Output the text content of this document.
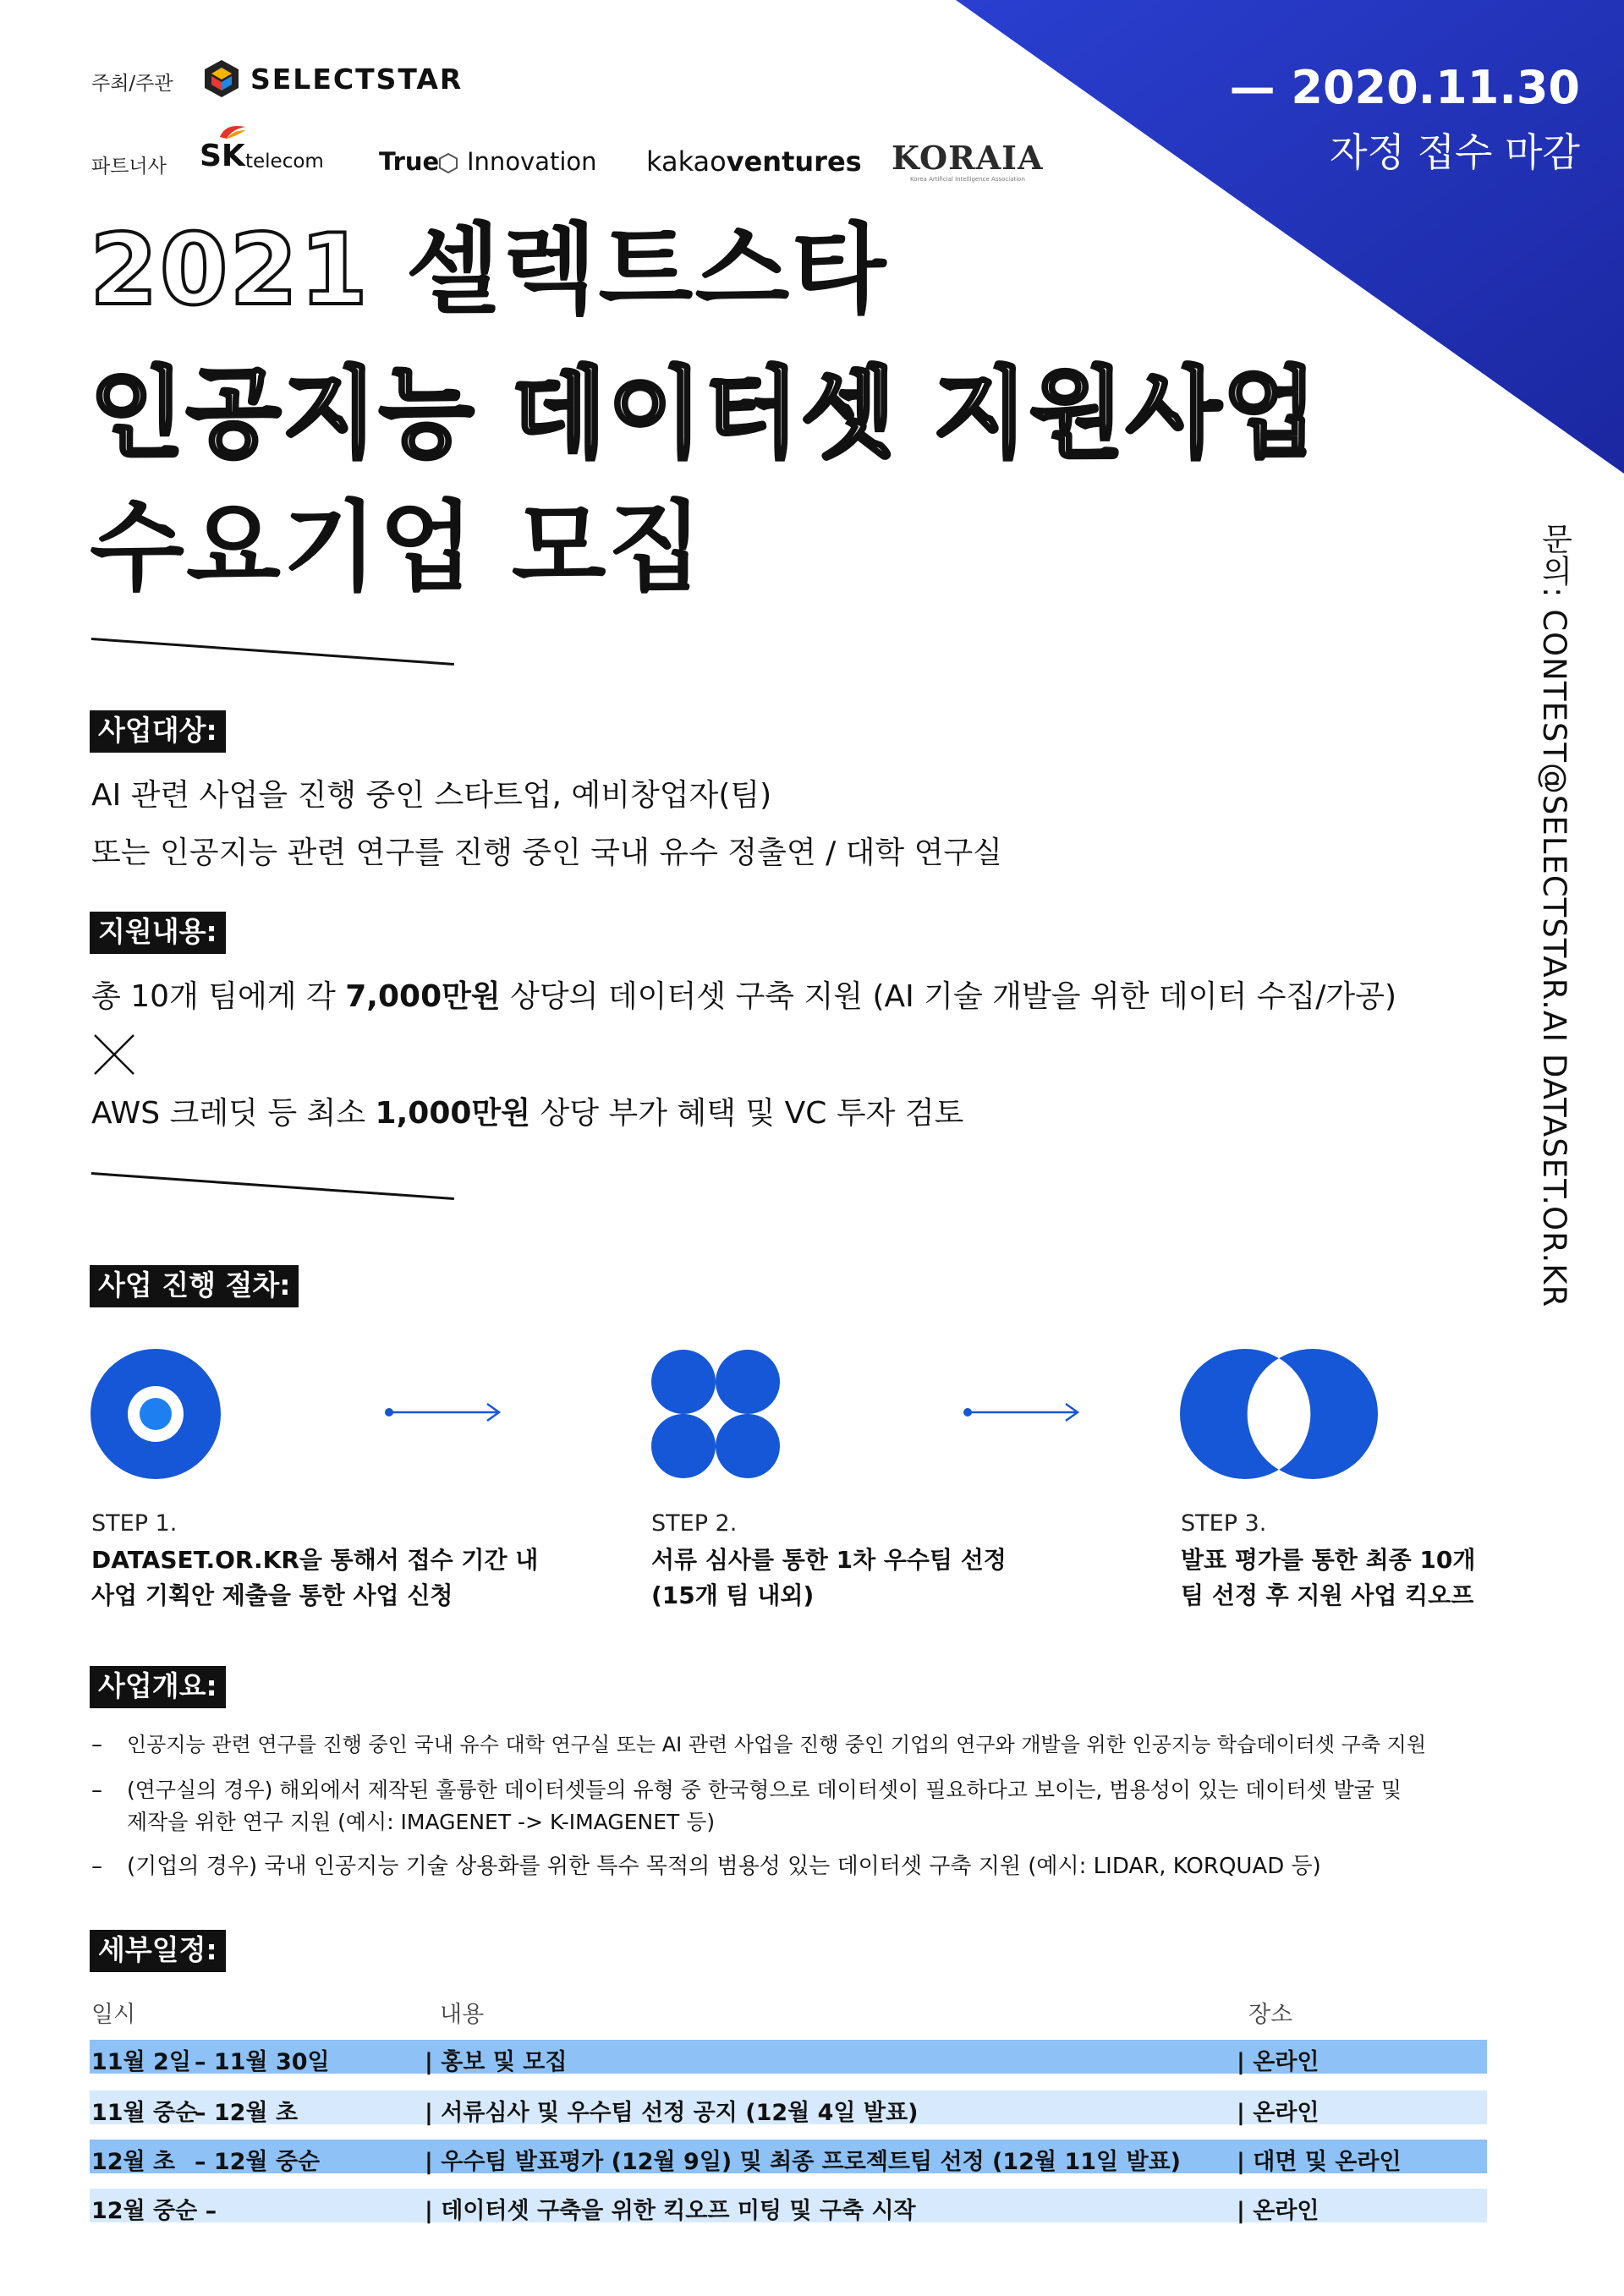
— 2020.11.30
자정 접수 마감
주최/주관	SELECTSTAR
파트너사 SK telecom True Innovation kakaoventures KORAIA
Korea Artificial Intelligence Association
2021 셀렉트스타
인공지능 데이터셋 지원사업
수요기업 모집	문의: CONTEST@SELECTSTAR.AI DATASET.OR.KR
사업대상:
AI 관련 사업을 진행 중인 스타트업, 예비창업자(팀)
또는 인공지능 관련 연구를 진행 중인 국내 유수 정출연 / 대학 연구실
지원내용:
총 10개 팀에게 각 7,000만원 상당의 데이터셋 구축 지원 (AI 기술 개발을 위한 데이터 수집/가공)
AWS 크레딧 등 최소 1,000만원 상당 부가 혜택 및 VC 투자 검토
사업 진행 절차:
STEP 1.
DATASET.OR.KR을 통해서 접수 기간 내
사업 기획안 제출을 통한 사업 신청
STEP 2.
서류 심사를 통한 1차 우수팀 선정
(15개 팀 내외)
STEP 3.
발표 평가를 통한 최종 10개
팀 선정 후 지원 사업 킥오프
사업개요:
– 인공지능 관련 연구를 진행 중인 국내 유수 대학 연구실 또는 AI 관련 사업을 진행 중인 기업의 연구와 개발을 위한 인공지능 학습데이터셋 구축 지원
– (연구실의 경우) 해외에서 제작된 훌륭한 데이터셋들의 유형 중 한국형으로 데이터셋이 필요하다고 보이는, 범용성이 있는 데이터셋 발굴 및
제작을 위한 연구 지원 (예시: IMAGENET -> K-IMAGENET 등)
– (기업의 경우) 국내 인공지능 기술 상용화를 위한 특수 목적의 범용성 있는 데이터셋 구축 지원 (예시: LIDAR, KORQUAD 등)
세부일정:
일시	내용	장소
11월 2일 – 11월 30일	| 홍보 및 모집	| 온라인
11월 중순
– 12월 초	| 서류심사 및 우수팀 선정 공지 (12월 4일 발표)	| 온라인
12월 초 – 12월 중순	| 우수팀 발표평가 (12월 9일) 및 최종 프로젝트팀 선정 (12월 11일 발표) | 대면 및 온라인
12월 중순 –	| 데이터셋 구축을 위한 킥오프 미팅 및 구축 시작	| 온라인
